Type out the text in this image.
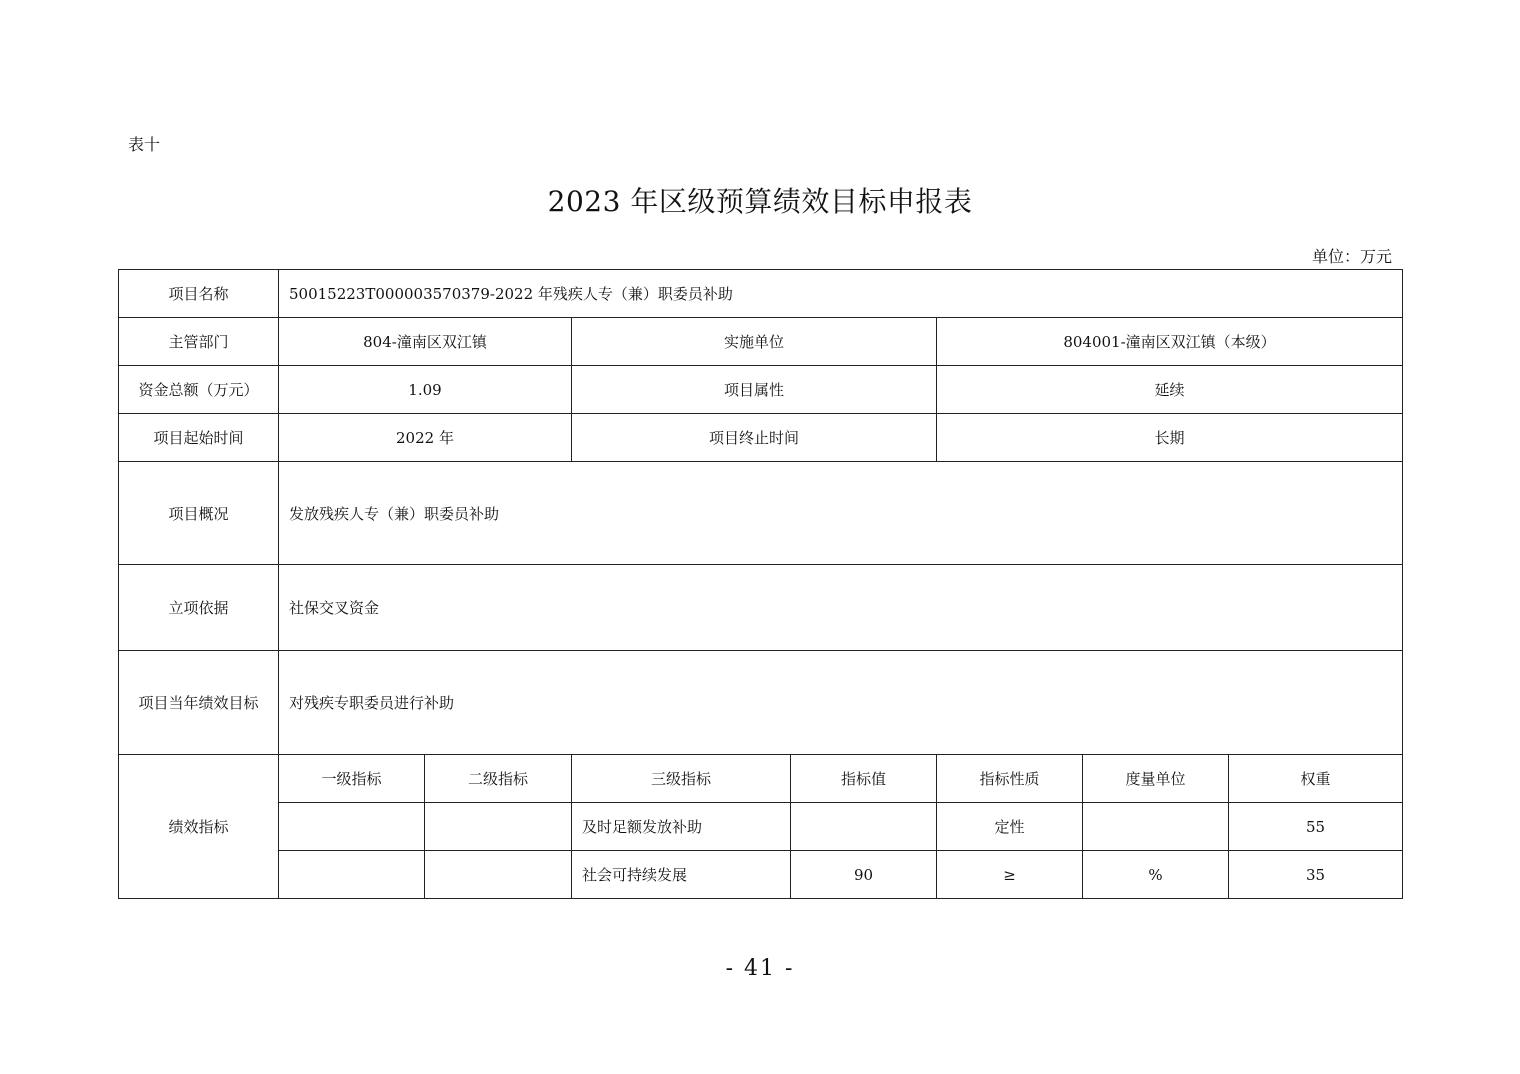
表十
2023 年区级预算绩效目标申报表
单位：万元
项目名称	50015223T000003570379-2022 年残疾人专（兼）职委员补助						
主管部门	804-潼南区双江镇		实施单位		804001-潼南区双江镇（本级）		
资金总额（万元）	1.09		项目属性		延续		
项目起始时间	2022 年		项目终止时间		长期		
项目概况	发放残疾人专（兼）职委员补助						
立项依据	社保交叉资金						
项目当年绩效目标	对残疾专职委员进行补助						
绩效指标	一级指标	二级指标	三级指标	指标值	指标性质	度量单位	权重
			及时足额发放补助		定性		55
			社会可持续发展	90	≥	%	35
- 41 -
